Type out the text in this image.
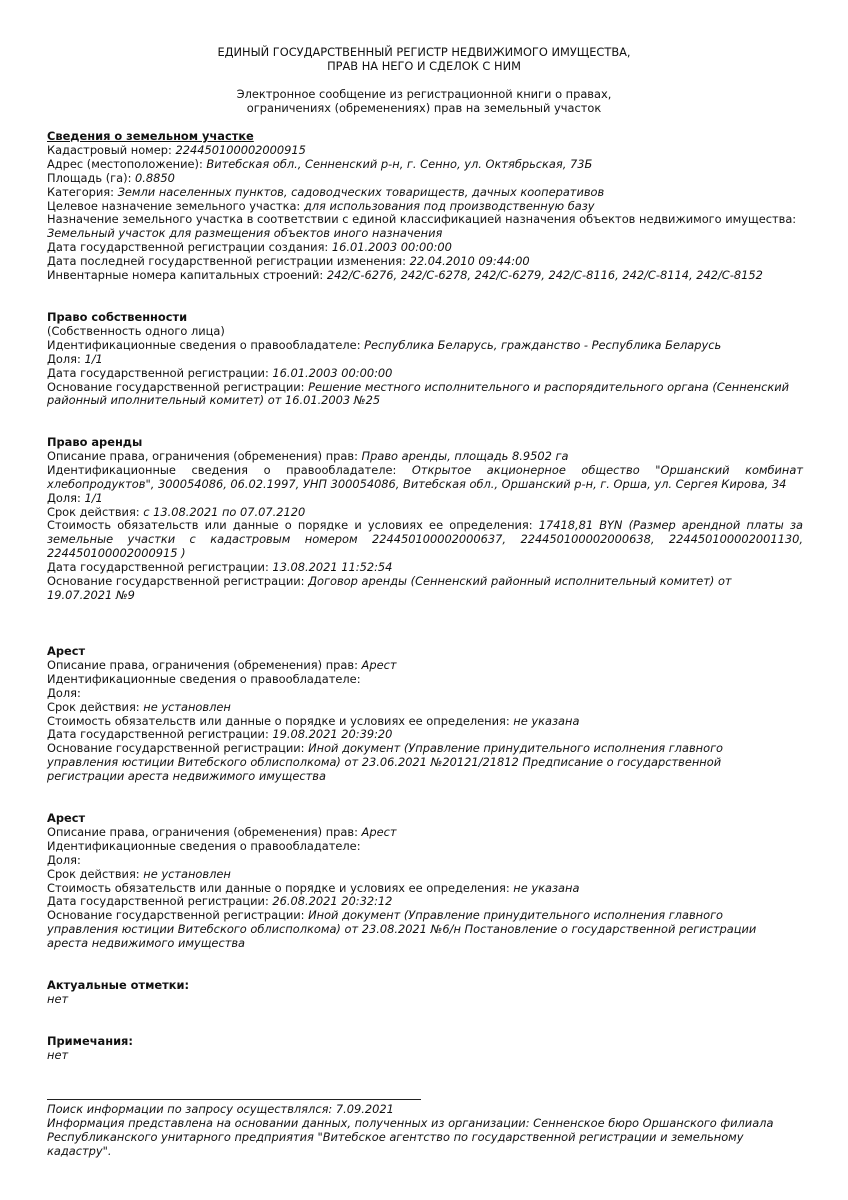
ЕДИНЫЙ ГОСУДАРСТВЕННЫЙ РЕГИСТР НЕДВИЖИМОГО ИМУЩЕСТВА,
ПРАВ НА НЕГО И СДЕЛОК С НИМ
Электронное сообщение из регистрационной книги о правах,
ограничениях (обременениях) прав на земельный участок
Сведения о земельном участке
Кадастровый номер: 224450100002000915
Адрес (местоположение): Витебская обл., Сенненский р-н, г. Сенно, ул. Октябрьская, 73Б
Площадь (га): 0.8850
Категория: Земли населенных пунктов, садоводческих товариществ, дачных кооперативов
Целевое назначение земельного участка: для использования под производственную базу
Назначение земельного участка в соответствии с единой классификацией назначения объектов недвижимого имущества:
Земельный участок для размещения объектов иного назначения
Дата государственной регистрации создания: 16.01.2003 00:00:00
Дата последней государственной регистрации изменения: 22.04.2010 09:44:00
Инвентарные номера капитальных строений: 242/С-6276, 242/С-6278, 242/С-6279, 242/С-8116, 242/С-8114, 242/С-8152
Право собственности
(Собственность одного лица)
Идентификационные сведения о правообладателе: Республика Беларусь, гражданство - Республика Беларусь
Доля: 1/1
Дата государственной регистрации: 16.01.2003 00:00:00
Основание государственной регистрации: Решение местного исполнительного и распорядительного органа (Сенненский районный иполнительный комитет) от 16.01.2003 №25
Право аренды
Описание права, ограничения (обременения) прав: Право аренды, площадь 8.9502 га
Идентификационные сведения о правообладателе: Открытое акционерное общество "Оршанский комбинат хлебопродуктов", 300054086, 06.02.1997, УНП 300054086, Витебская обл., Оршанский р-н, г. Орша, ул. Сергея Кирова, 34
Доля: 1/1
Срок действия: с 13.08.2021 по 07.07.2120
Стоимость обязательств или данные о порядке и условиях ее определения: 17418,81 BYN (Размер арендной платы за земельные участки с кадастровым номером 224450100002000637, 224450100002000638, 224450100002001130, 224450100002000915 )
Дата государственной регистрации: 13.08.2021 11:52:54
Основание государственной регистрации: Договор аренды (Сенненский районный исполнительный комитет) от 19.07.2021 №9
Арест
Описание права, ограничения (обременения) прав: Арест
Идентификационные сведения о правообладателе:
Доля:
Срок действия: не установлен
Стоимость обязательств или данные о порядке и условиях ее определения: не указана
Дата государственной регистрации: 19.08.2021 20:39:20
Основание государственной регистрации: Иной документ (Управление принудительного исполнения главного управления юстиции Витебского облисполкома) от 23.06.2021 №20121/21812 Предписание о государственной регистрации ареста недвижимого имущества
Арест
Описание права, ограничения (обременения) прав: Арест
Идентификационные сведения о правообладателе:
Доля:
Срок действия: не установлен
Стоимость обязательств или данные о порядке и условиях ее определения: не указана
Дата государственной регистрации: 26.08.2021 20:32:12
Основание государственной регистрации: Иной документ (Управление принудительного исполнения главного управления юстиции Витебского облисполкома) от 23.08.2021 №6/н Постановление о государственной регистрации ареста недвижимого имущества
Актуальные отметки:
нет
Примечания:
нет
Поиск информации по запросу осуществлялся: 7.09.2021
Информация представлена на основании данных, полученных из организации: Сенненское бюро Оршанского филиала Республиканского унитарного предприятия "Витебское агентство по государственной регистрации и земельному кадастру".
